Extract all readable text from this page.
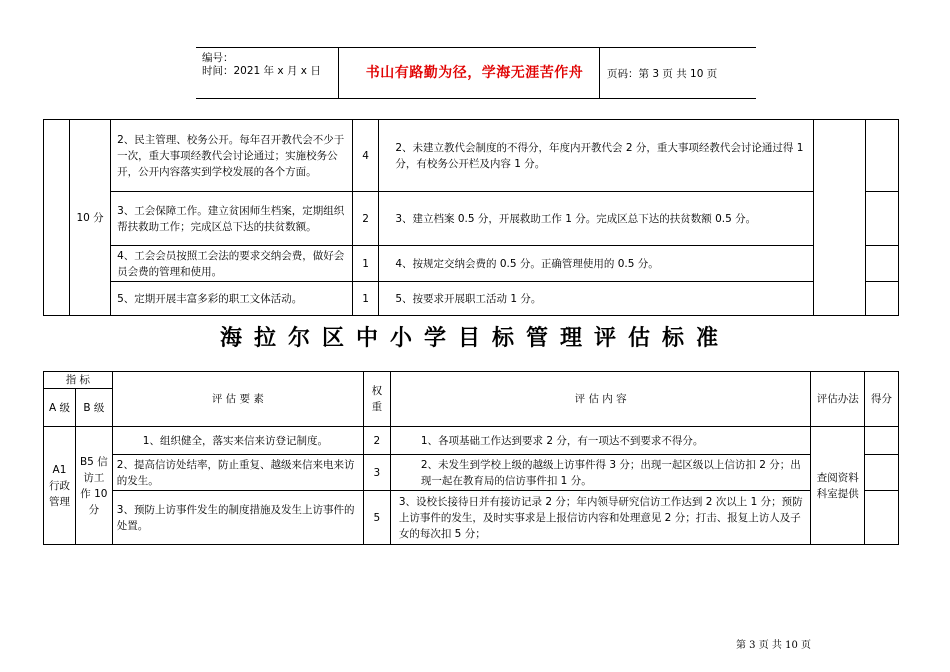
编号：
时间：2021 年 x 月 x 日	书山有路勤为径，学海无涯苦作舟	页码：第 3 页 共 10 页
	10 分	2、民主管理、校务公开。每年召开教代会不少于一次，重大事项经教代会讨论通过；实施校务公开，公开内容落实到学校发展的各个方面。	4	2、未建立教代会制度的不得分，年度内开教代会 2 分，重大事项经教代会讨论通过得 1 分，有校务公开栏及内容 1 分。		
		3、工会保障工作。建立贫困师生档案，定期组织帮扶救助工作；完成区总下达的扶贫数额。	2	3、建立档案 0.5 分，开展救助工作 1 分。完成区总下达的扶贫数额 0.5 分。		
		4、工会会员按照工会法的要求交纳会费，做好会员会费的管理和使用。	1	4、按规定交纳会费的 0.5 分。正确管理使用的 0.5 分。		
		5、定期开展丰富多彩的职工文体活动。	1	5、按要求开展职工活动 1 分。		
海拉尔区中小学目标管理评估标准
指 标		评 估 要 素	权重	评 估 内 容	评估办法	得分
A 级	B 级					
A1 行政管理	B5 信访工作 10 分	1、组织健全，落实来信来访登记制度。	2	1、各项基础工作达到要求 2 分，有一项达不到要求不得分。	查阅资料科室提供	
		2、提高信访处结率，防止重复、越级来信来电来访的发生。	3	2、未发生到学校上级的越级上访事件得 3 分；出现一起区级以上信访扣 2 分；出现一起在教育局的信访事件扣 1 分。		
		3、预防上访事件发生的制度措施及发生上访事件的处置。	5	3、设校长接待日并有接访记录 2 分；年内领导研究信访工作达到 2 次以上 1 分；预防上访事件的发生，及时实事求是上报信访内容和处理意见 2 分；打击、报复上访人及子女的每次扣 5 分；		
第 3 页 共 10 页
